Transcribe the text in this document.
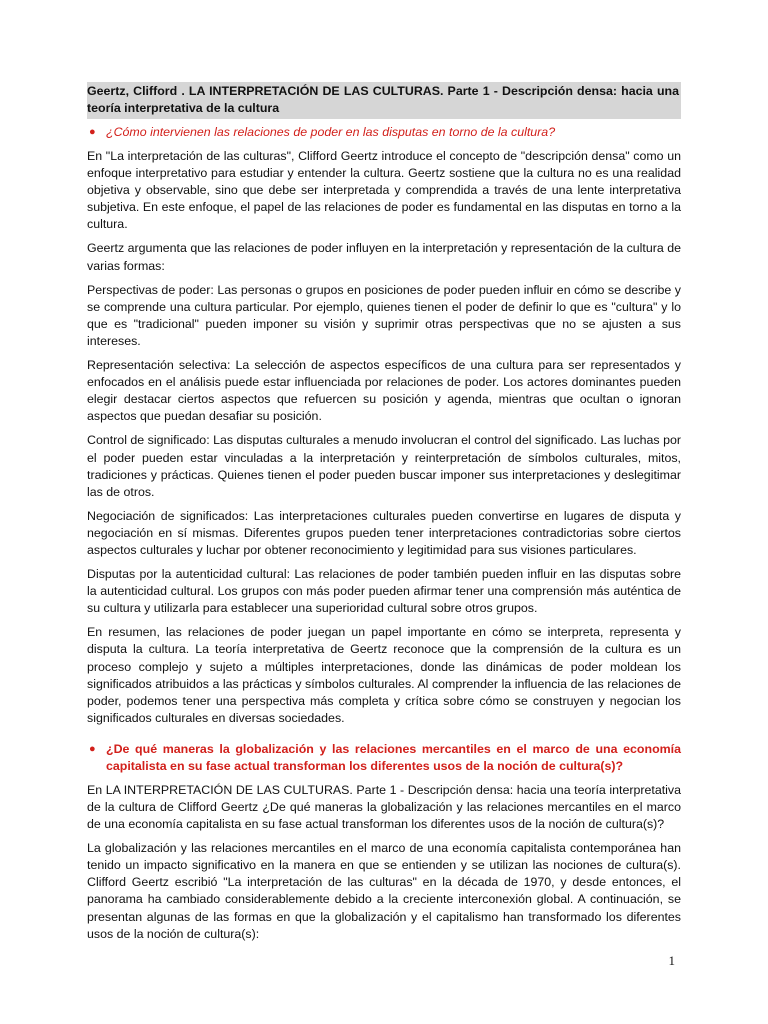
Geertz, Clifford . LA INTERPRETACIÓN DE LAS CULTURAS. Parte 1 - Descripción densa: hacia una teoría interpretativa de la cultura
● ¿Cómo intervienen las relaciones de poder en las disputas en torno de la cultura?

En "La interpretación de las culturas", Clifford Geertz introduce el concepto de "descripción densa" como un enfoque interpretativo para estudiar y entender la cultura. Geertz sostiene que la cultura no es una realidad objetiva y observable, sino que debe ser interpretada y comprendida a través de una lente interpretativa subjetiva. En este enfoque, el papel de las relaciones de poder es fundamental en las disputas en torno a la cultura.

Geertz argumenta que las relaciones de poder influyen en la interpretación y representación de la cultura de varias formas:

Perspectivas de poder: Las personas o grupos en posiciones de poder pueden influir en cómo se describe y se comprende una cultura particular. Por ejemplo, quienes tienen el poder de definir lo que es "cultura" y lo que es "tradicional" pueden imponer su visión y suprimir otras perspectivas que no se ajusten a sus intereses.

Representación selectiva: La selección de aspectos específicos de una cultura para ser representados y enfocados en el análisis puede estar influenciada por relaciones de poder. Los actores dominantes pueden elegir destacar ciertos aspectos que refuercen su posición y agenda, mientras que ocultan o ignoran aspectos que puedan desafiar su posición.

Control de significado: Las disputas culturales a menudo involucran el control del significado. Las luchas por el poder pueden estar vinculadas a la interpretación y reinterpretación de símbolos culturales, mitos, tradiciones y prácticas. Quienes tienen el poder pueden buscar imponer sus interpretaciones y deslegitimar las de otros.

Negociación de significados: Las interpretaciones culturales pueden convertirse en lugares de disputa y negociación en sí mismas. Diferentes grupos pueden tener interpretaciones contradictorias sobre ciertos aspectos culturales y luchar por obtener reconocimiento y legitimidad para sus visiones particulares.

Disputas por la autenticidad cultural: Las relaciones de poder también pueden influir en las disputas sobre la autenticidad cultural. Los grupos con más poder pueden afirmar tener una comprensión más auténtica de su cultura y utilizarla para establecer una superioridad cultural sobre otros grupos.

En resumen, las relaciones de poder juegan un papel importante en cómo se interpreta, representa y disputa la cultura. La teoría interpretativa de Geertz reconoce que la comprensión de la cultura es un proceso complejo y sujeto a múltiples interpretaciones, donde las dinámicas de poder moldean los significados atribuidos a las prácticas y símbolos culturales. Al comprender la influencia de las relaciones de poder, podemos tener una perspectiva más completa y crítica sobre cómo se construyen y negocian los significados culturales en diversas sociedades.

● ¿De qué maneras la globalización y las relaciones mercantiles en el marco de una economía capitalista en su fase actual transforman los diferentes usos de la noción de cultura(s)?

En LA INTERPRETACIÓN DE LAS CULTURAS. Parte 1 - Descripción densa: hacia una teoría interpretativa de la cultura de Clifford Geertz ¿De qué maneras la globalización y las relaciones mercantiles en el marco de una economía capitalista en su fase actual transforman los diferentes usos de la noción de cultura(s)?

La globalización y las relaciones mercantiles en el marco de una economía capitalista contemporánea han tenido un impacto significativo en la manera en que se entienden y se utilizan las nociones de cultura(s). Clifford Geertz escribió "La interpretación de las culturas" en la década de 1970, y desde entonces, el panorama ha cambiado considerablemente debido a la creciente interconexión global. A continuación, se presentan algunas de las formas en que la globalización y el capitalismo han transformado los diferentes usos de la noción de cultura(s):

1
